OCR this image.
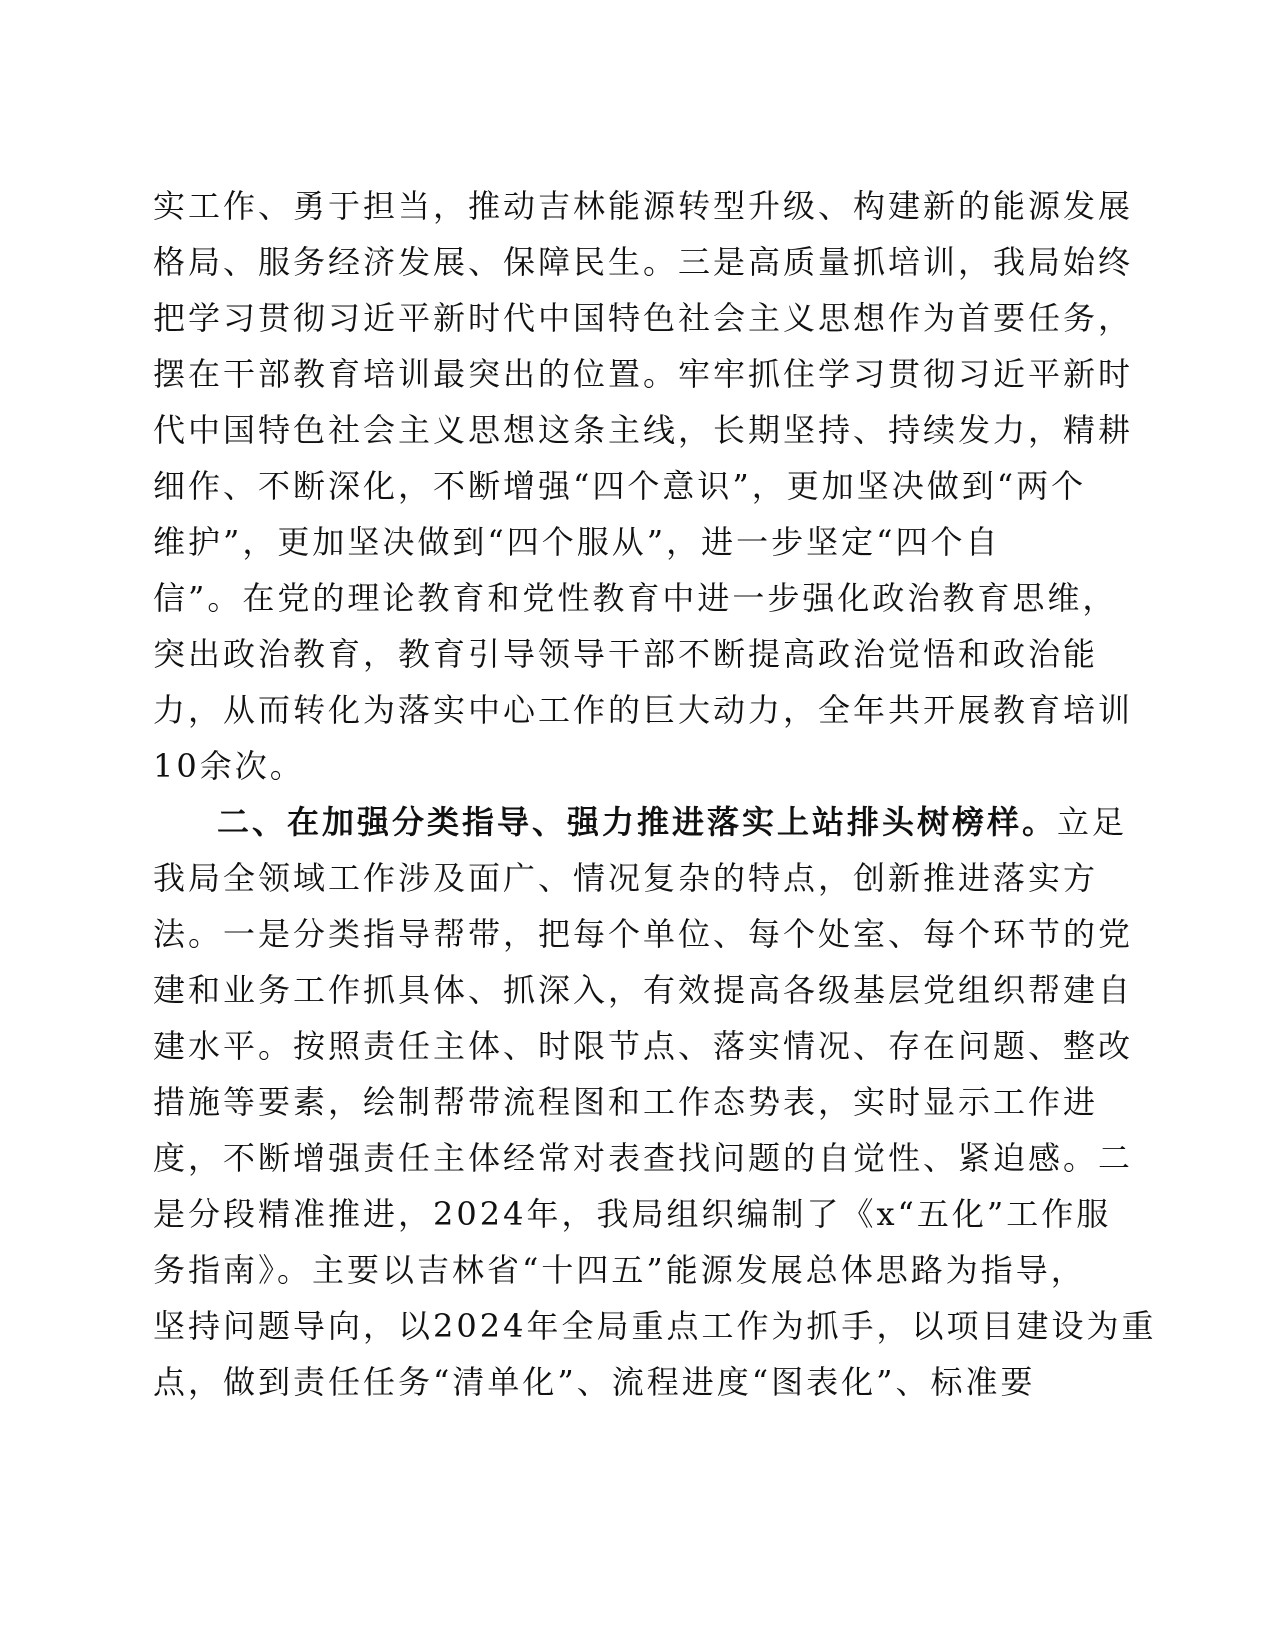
实工作、勇于担当，推动吉林能源转型升级、构建新的能源发展
格局、服务经济发展、保障民生。三是高质量抓培训，我局始终
把学习贯彻习近平新时代中国特色社会主义思想作为首要任务，
摆在干部教育培训最突出的位置。牢牢抓住学习贯彻习近平新时
代中国特色社会主义思想这条主线，长期坚持、持续发力，精耕
细作、不断深化，不断增强“四个意识”，更加坚决做到“两个
维护”，更加坚决做到“四个服从”，进一步坚定“四个自
信”。在党的理论教育和党性教育中进一步强化政治教育思维，
突出政治教育，教育引导领导干部不断提高政治觉悟和政治能
力，从而转化为落实中心工作的巨大动力，全年共开展教育培训
10余次。
二、在加强分类指导、强力推进落实上站排头树榜样。立足
我局全领域工作涉及面广、情况复杂的特点，创新推进落实方
法。一是分类指导帮带，把每个单位、每个处室、每个环节的党
建和业务工作抓具体、抓深入，有效提高各级基层党组织帮建自
建水平。按照责任主体、时限节点、落实情况、存在问题、整改
措施等要素，绘制帮带流程图和工作态势表，实时显示工作进
度，不断增强责任主体经常对表查找问题的自觉性、紧迫感。二
是分段精准推进，2024年，我局组织编制了《x“五化”工作服
务指南》。主要以吉林省“十四五”能源发展总体思路为指导，
坚持问题导向，以2024年全局重点工作为抓手，以项目建设为重
点，做到责任任务“清单化”、流程进度“图表化”、标准要
